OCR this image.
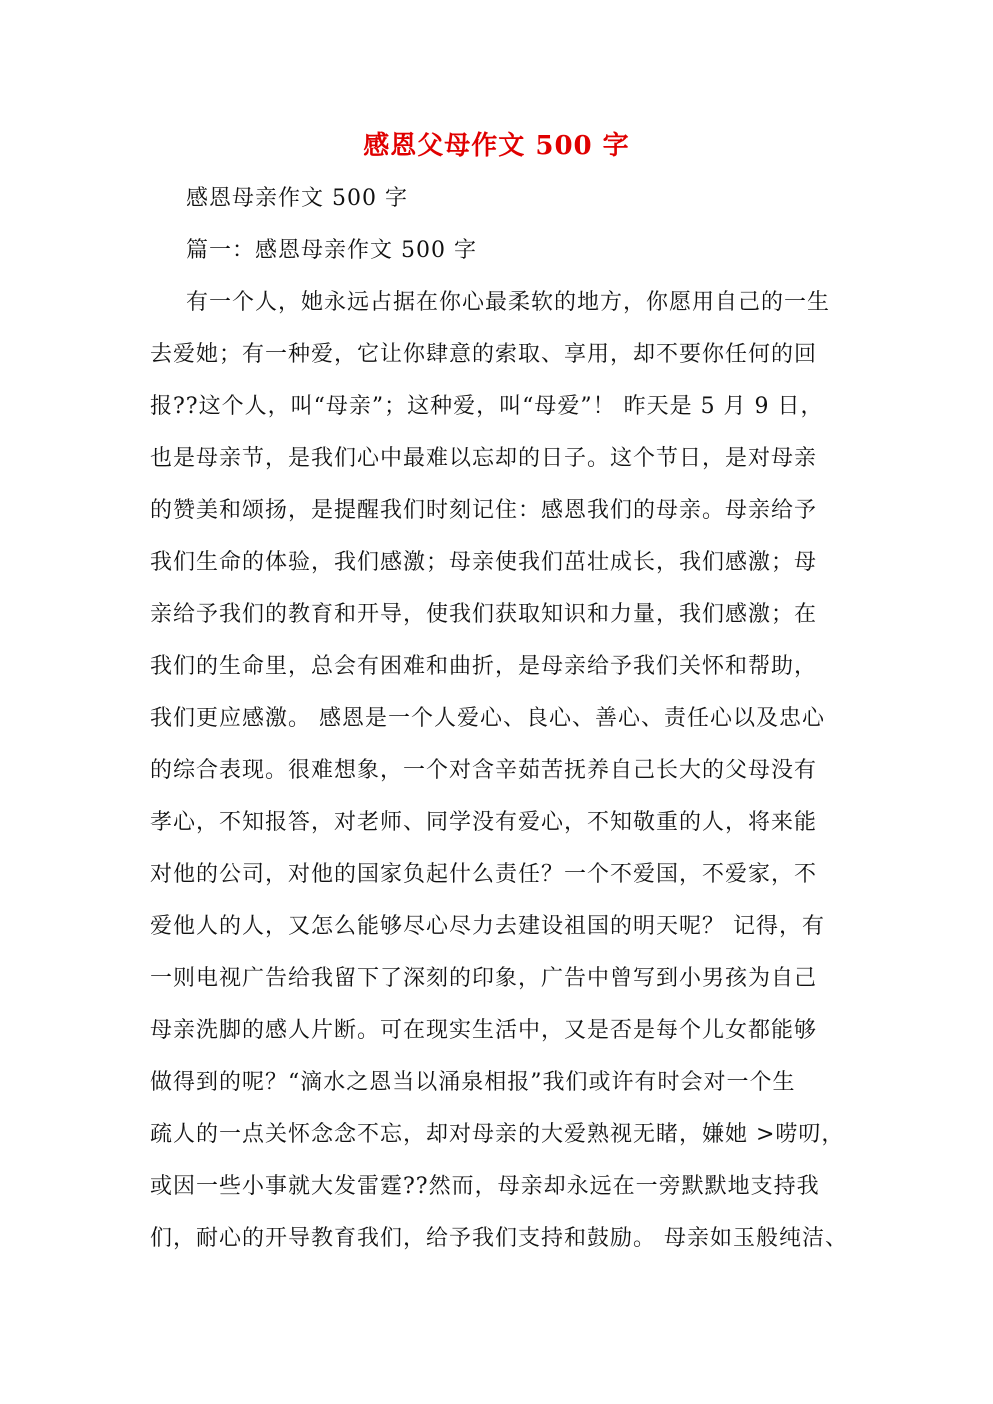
感恩父母作文 500 字
感恩母亲作文 500 字
篇一：感恩母亲作文 500 字
有一个人，她永远占据在你心最柔软的地方，你愿用自己的一生
去爱她；有一种爱，它让你肆意的索取、享用，却不要你任何的回
报??这个人，叫“母亲”；这种爱，叫“母爱”！ 昨天是 5 月 9 日，
也是母亲节，是我们心中最难以忘却的日子。这个节日，是对母亲
的赞美和颂扬，是提醒我们时刻记住：感恩我们的母亲。母亲给予
我们生命的体验，我们感激；母亲使我们茁壮成长，我们感激；母
亲给予我们的教育和开导，使我们获取知识和力量，我们感激；在
我们的生命里，总会有困难和曲折，是母亲给予我们关怀和帮助，
我们更应感激。 感恩是一个人爱心、良心、善心、责任心以及忠心
的综合表现。很难想象，一个对含辛茹苦抚养自己长大的父母没有
孝心，不知报答，对老师、同学没有爱心，不知敬重的人，将来能
对他的公司，对他的国家负起什么责任？一个不爱国，不爱家，不
爱他人的人，又怎么能够尽心尽力去建设祖国的明天呢？ 记得，有
一则电视广告给我留下了深刻的印象，广告中曾写到小男孩为自己
母亲洗脚的感人片断。可在现实生活中，又是否是每个儿女都能够
做得到的呢？“滴水之恩当以涌泉相报”我们或许有时会对一个生
疏人的一点关怀念念不忘，却对母亲的大爱熟视无睹，嫌她 >唠叨，
或因一些小事就大发雷霆??然而，母亲却永远在一旁默默地支持我
们，耐心的开导教育我们，给予我们支持和鼓励。 母亲如玉般纯洁、
